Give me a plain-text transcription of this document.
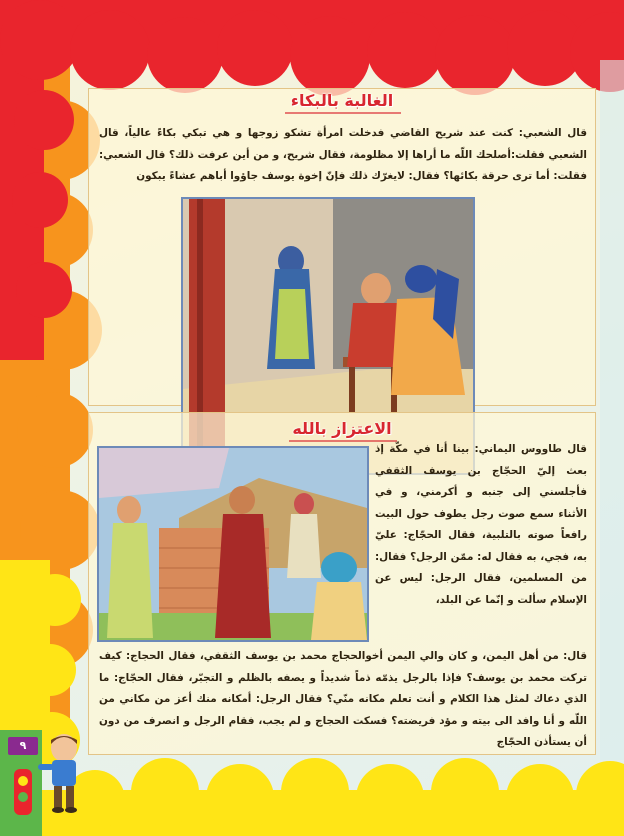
الغالبة بالبكاء

قال الشعبي: كنت عند شريح القاضي فدخلت امرأة تشكو زوجها و هي تبكي بكاءً عالياً، قال الشعبي فقلت:أصلحك اللّه ما أراها إلا مظلومة، فقال شريح، و من أين عرفت ذلك؟ قال الشعبي: فقلت: أما ترى حرقة بكائها؟ فقال: لايغرّك ذلك فإنّ إخوة يوسف جاؤوا أباهم عشاءً يبكون

الاعتزاز بالله

قال طاووس اليماني: بينا أنا في مكّة إذ بعث إليّ الحجّاج بن يوسف الثقفي فأجلسني إلى جنبه و أكرمني، و في الأثناء سمع صوت رجل يطوف حول البيت رافعاً صوته بالتلبية، فقال الحجّاج: عليّ به، فجي، به فقال له: ممّن الرجل؟ فقال: من المسلمين، فقال الرجل: ليس عن الإسلام سألت و إنّما عن البلد،

قال: من أهل اليمن، و كان والي اليمن أخوالحجاج محمد بن يوسف الثقفي، فقال الحجاج: كيف تركت محمد بن يوسف؟ فإذا بالرجل يذمّه ذماً شديداً و يصفه بالظلم و التجبّر، فقال الحجّاج: ما الذي دعاك لمثل هذا الكلام و أنت تعلم مكانه منّي؟ فقال الرجل: أمكانه منك أعز من مكاني من اللّه و أنا وافد الى بيته و مؤد فريضته؟ فسكت الحجاج و لم يجب، فقام الرجل و انصرف من دون أن يستأذن الحجّاج

٩
